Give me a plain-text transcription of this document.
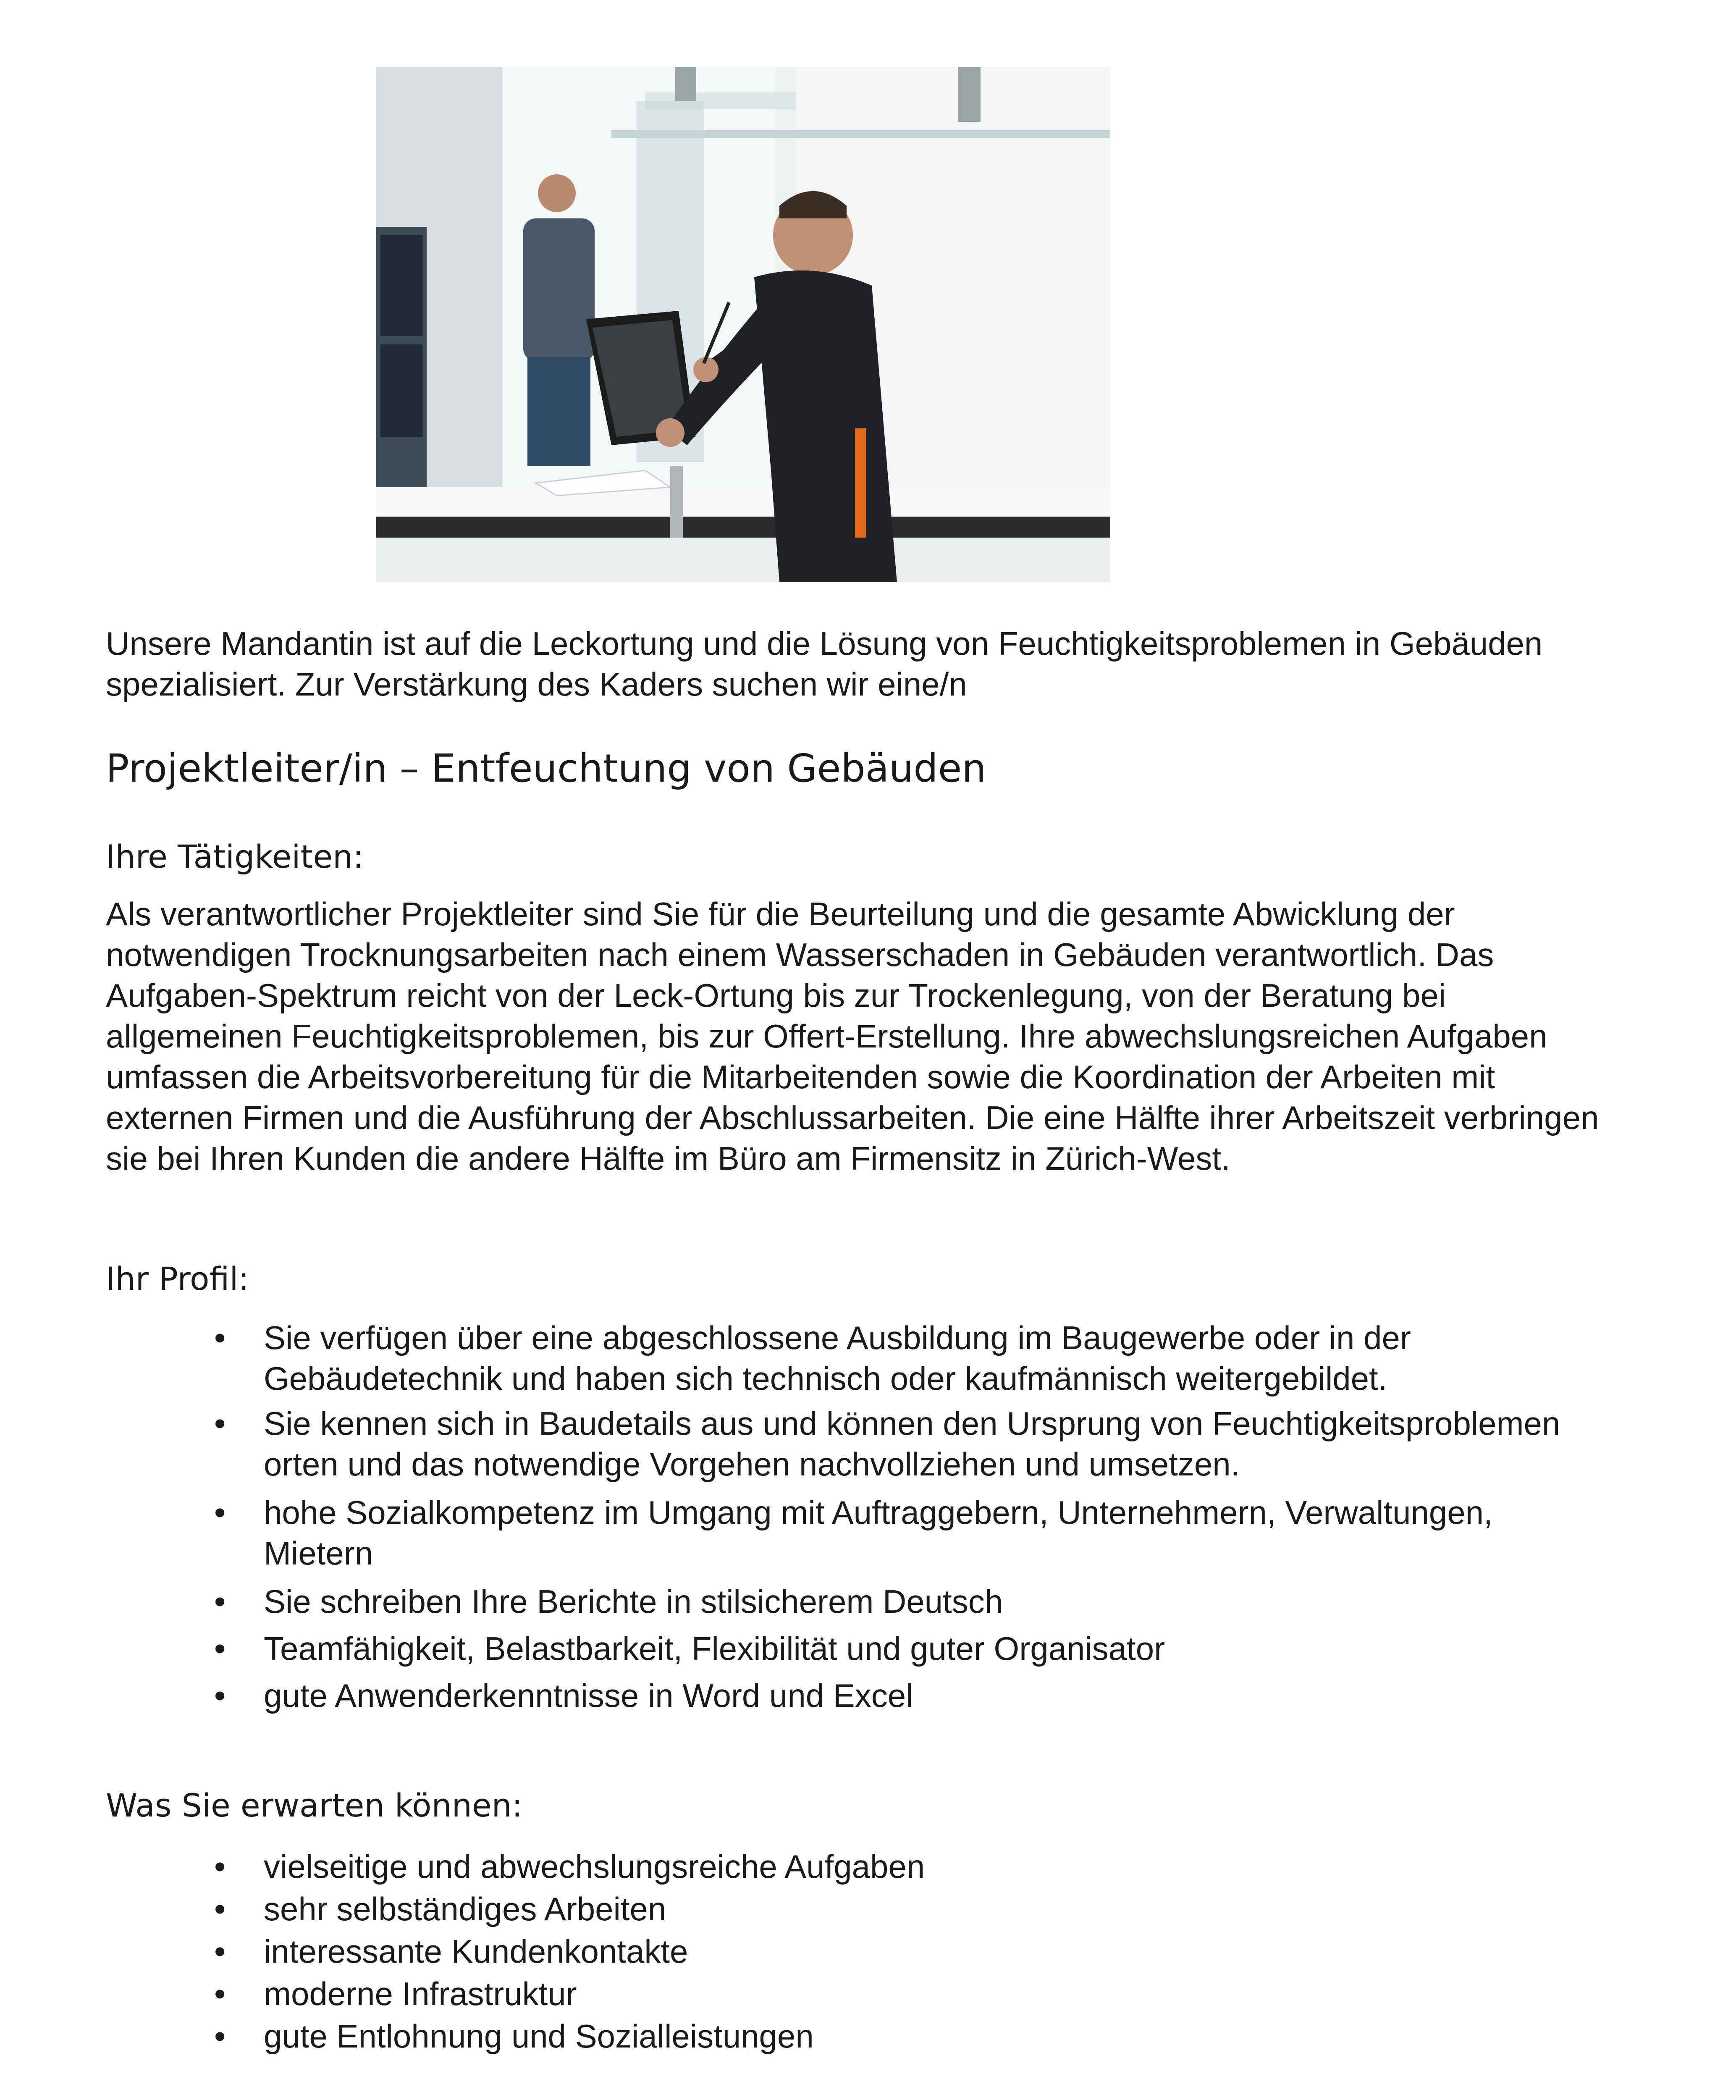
Unsere Mandantin ist auf die Leckortung und die Lösung von Feuchtigkeitsproblemen in Gebäuden spezialisiert. Zur Verstärkung des Kaders suchen wir eine/n

Projektleiter/in – Entfeuchtung von Gebäuden
Ihre Tätigkeiten:

Als verantwortlicher Projektleiter sind Sie für die Beurteilung und die gesamte Abwicklung der notwendigen Trocknungsarbeiten nach einem Wasserschaden in Gebäuden verantwortlich. Das Aufgaben-Spektrum reicht von der Leck-Ortung bis zur Trockenlegung, von der Beratung bei allgemeinen Feuchtigkeitsproblemen, bis zur Offert-Erstellung. Ihre abwechslungsreichen Aufgaben umfassen die Arbeitsvorbereitung für die Mitarbeitenden sowie die Koordination der Arbeiten mit externen Firmen und die Ausführung der Abschlussarbeiten. Die eine Hälfte ihrer Arbeitszeit verbringen sie bei Ihren Kunden die andere Hälfte im Büro am Firmensitz in Zürich-West.

Ihr Profil:
• Sie verfügen über eine abgeschlossene Ausbildung im Baugewerbe oder in der Gebäudetechnik und haben sich technisch oder kaufmännisch weitergebildet.
• Sie kennen sich in Baudetails aus und können den Ursprung von Feuchtigkeitsproblemen orten und das notwendige Vorgehen nachvollziehen und umsetzen.
• hohe Sozialkompetenz im Umgang mit Auftraggebern, Unternehmern, Verwaltungen, Mietern
• Sie schreiben Ihre Berichte in stilsicherem Deutsch
• Teamfähigkeit, Belastbarkeit, Flexibilität und guter Organisator
• gute Anwenderkenntnisse in Word und Excel
Was Sie erwarten können:
• vielseitige und abwechslungsreiche Aufgaben
• sehr selbständiges Arbeiten
• interessante Kundenkontakte
• moderne Infrastruktur
• gute Entlohnung und Sozialleistungen
